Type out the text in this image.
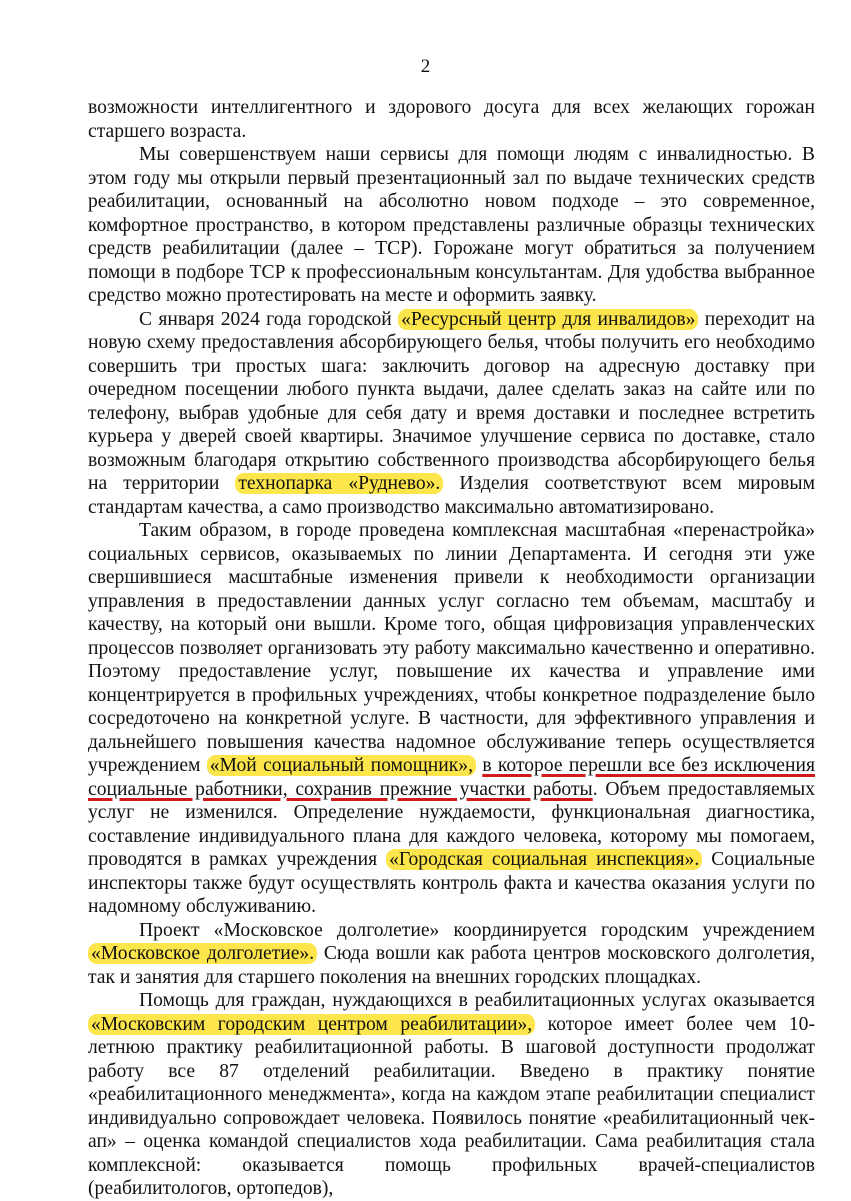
2

возможности интеллигентного и здорового досуга для всех желающих горожан старшего возраста.

Мы совершенствуем наши сервисы для помощи людям с инвалидностью. В этом году мы открыли первый презентационный зал по выдаче технических средств реабилитации, основанный на абсолютно новом подходе – это современное, комфортное пространство, в котором представлены различные образцы технических средств реабилитации (далее – ТСР). Горожане могут обратиться за получением помощи в подборе ТСР к профессиональным консультантам. Для удобства выбранное средство можно протестировать на месте и оформить заявку.

С января 2024 года городской «Ресурсный центр для инвалидов» переходит на новую схему предоставления абсорбирующего белья, чтобы получить его необходимо совершить три простых шага: заключить договор на адресную доставку при очередном посещении любого пункта выдачи, далее сделать заказ на сайте или по телефону, выбрав удобные для себя дату и время доставки и последнее встретить курьера у дверей своей квартиры. Значимое улучшение сервиса по доставке, стало возможным благодаря открытию собственного производства абсорбирующего белья на территории технопарка «Руднево». Изделия соответствуют всем мировым стандартам качества, а само производство максимально автоматизировано.

Таким образом, в городе проведена комплексная масштабная «перенастройка» социальных сервисов, оказываемых по линии Департамента. И сегодня эти уже свершившиеся масштабные изменения привели к необходимости организации управления в предоставлении данных услуг согласно тем объемам, масштабу и качеству, на который они вышли. Кроме того, общая цифровизация управленческих процессов позволяет организовать эту работу максимально качественно и оперативно. Поэтому предоставление услуг, повышение их качества и управление ими концентрируется в профильных учреждениях, чтобы конкретное подразделение было сосредоточено на конкретной услуге. В частности, для эффективного управления и дальнейшего повышения качества надомное обслуживание теперь осуществляется учреждением «Мой социальный помощник», в которое перешли все без исключения социальные работники, сохранив прежние участки работы. Объем предоставляемых услуг не изменился. Определение нуждаемости, функциональная диагностика, составление индивидуального плана для каждого человека, которому мы помогаем, проводятся в рамках учреждения «Городская социальная инспекция». Социальные инспекторы также будут осуществлять контроль факта и качества оказания услуги по надомному обслуживанию.

Проект «Московское долголетие» координируется городским учреждением «Московское долголетие». Сюда вошли как работа центров московского долголетия, так и занятия для старшего поколения на внешних городских площадках.

Помощь для граждан, нуждающихся в реабилитационных услугах оказывается «Московским городским центром реабилитации», которое имеет более чем 10-летнюю практику реабилитационной работы. В шаговой доступности продолжат работу все 87 отделений реабилитации. Введено в практику понятие «реабилитационного менеджмента», когда на каждом этапе реабилитации специалист индивидуально сопровождает человека. Появилось понятие «реабилитационный чек-ап» – оценка командой специалистов хода реабилитации. Сама реабилитация стала комплексной: оказывается помощь профильных врачей-специалистов (реабилитологов, ортопедов),
